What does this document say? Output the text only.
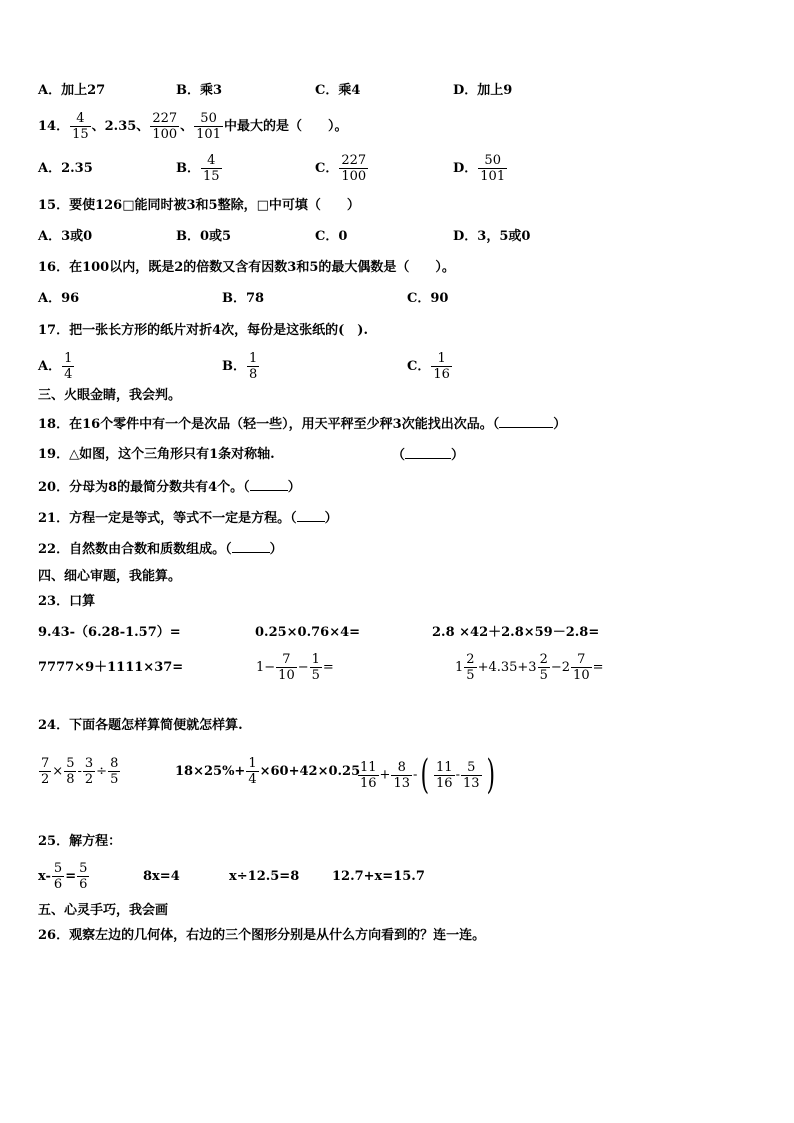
A．加上27	B．乘3	C．乘4	D．加上9
14． $\frac{4}{15}$ 、2.35、 $\frac{227}{100}$ 、 $\frac{50}{101}$ 中最大的是（　　）。
A．2.35	B． $\frac{4}{15}$	C． $\frac{227}{100}$	D． $\frac{50}{101}$
15．要使126□能同时被3和5整除，□中可填（　　）
A．3或0	B．0或5	C．0	D．3，5或0
16．在100以内，既是2的倍数又含有因数3和5的最大偶数是（　　）。
A．96	B．78	C．90
17．把一张长方形的纸片对折4次，每份是这张纸的(　).
A． $\frac{1}{4}$	B． $\frac{1}{8}$	C． $\frac{1}{16}$
三、火眼金睛，我会判。
18．在16个零件中有一个是次品（轻一些），用天平秤至少秤3次能找出次品。（	）
19．△如图，这个三角形只有1条对称轴.	（	）
20．分母为8的最简分数共有4个。（	）
21．方程一定是等式，等式不一定是方程。（ ）
22．自然数由合数和质数组成。（	）
四、细心审题，我能算。
23．口算
9.43-（6.28-1.57）=	0.25×0.76×4=	2.8 ×42＋2.8×59－2.8=
7777×9＋1111×37=	$1- \frac{7}{10} - \frac{1}{5}$ =	$1 \frac{2}{5} +4.35+3 \frac{2}{5} -2 \frac{7}{10}$ =
24．下面各题怎样算简便就怎样算.
$\frac{7}{2} \times \frac{5}{8} - \frac{3}{2} \div \frac{8}{5}$	$18\times 25\%+ \frac{1}{4} \times 60+42\times 0.25$
$\frac{11}{16} + \frac{8}{13}$ -( $\frac{11}{16} - \frac{5}{13}$ )
25．解方程：
$x- \frac{5}{6} = \frac{5}{6}$	8x=4	x÷12.5=8	12.7+x=15.7
五、心灵手巧，我会画
26．观察左边的几何体，右边的三个图形分别是从什么方向看到的？连一连。
